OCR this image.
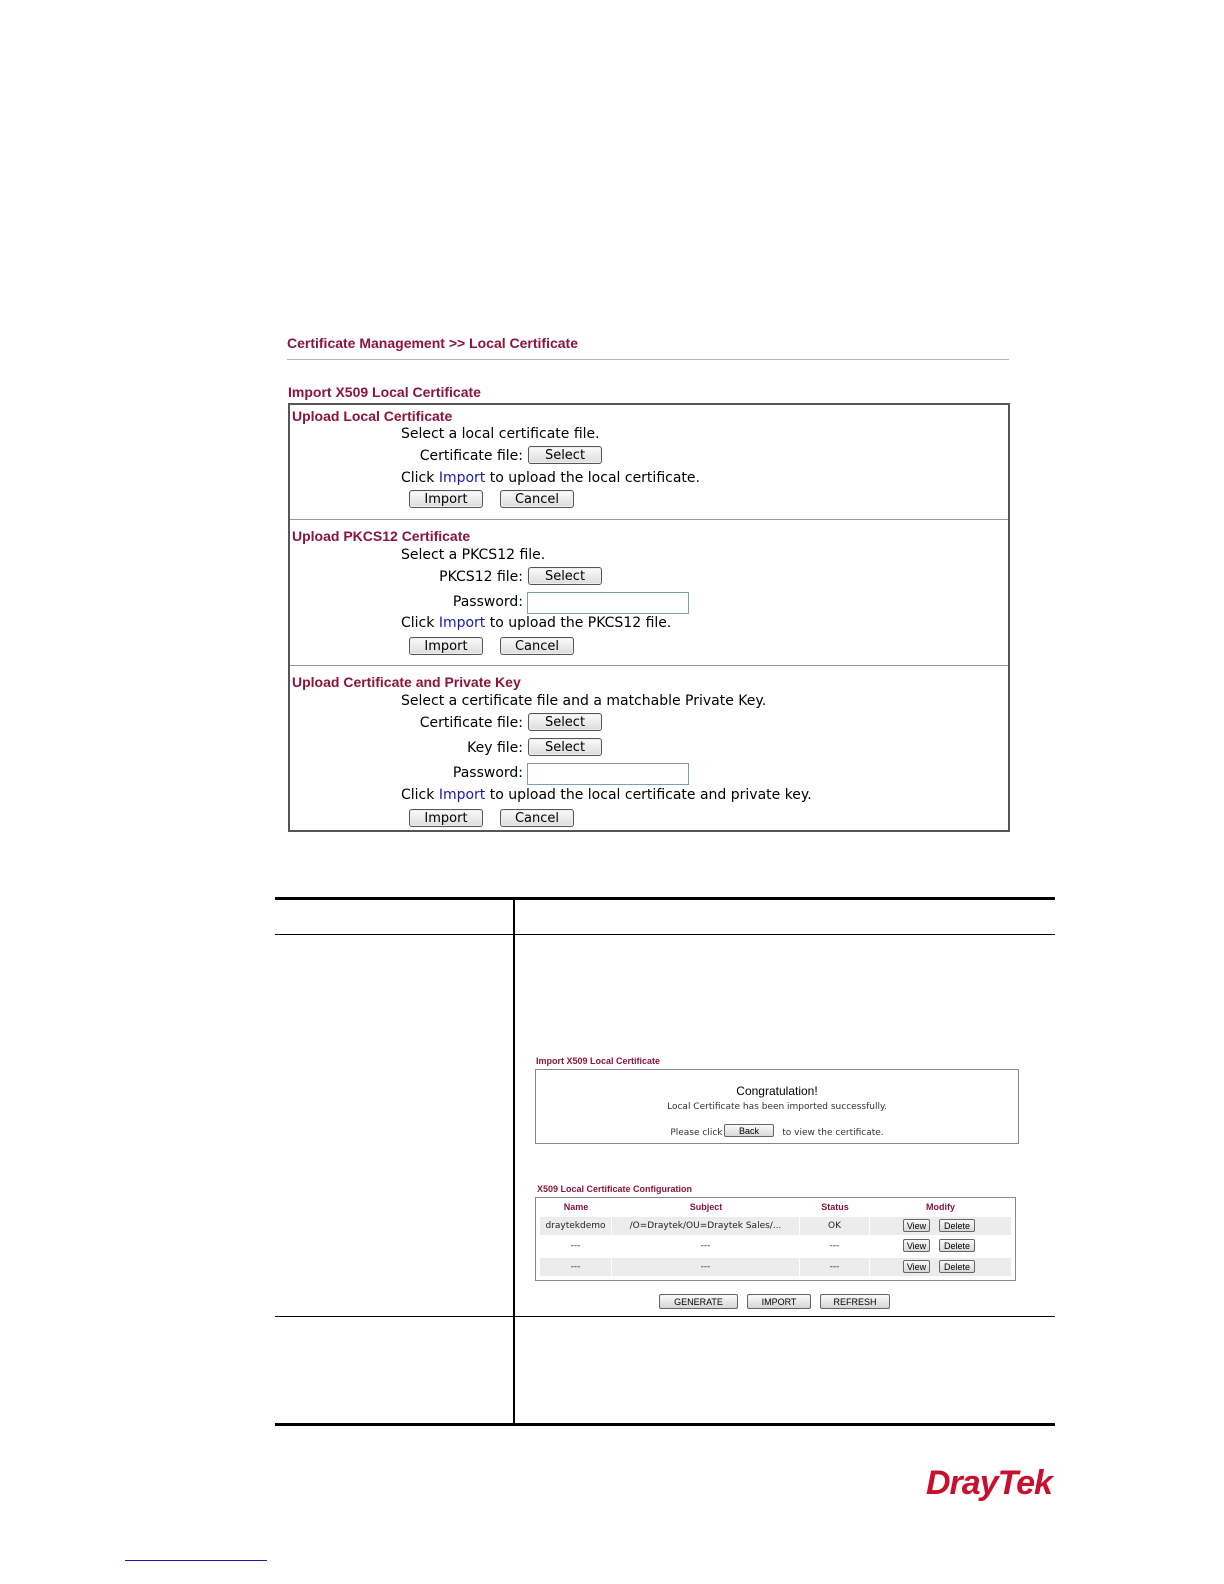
Certificate Management >> Local Certificate
Import X509 Local Certificate
Upload Local Certificate
Select a local certificate file.
Certificate file:	Select
Click Import to upload the local certificate.
Import	Cancel
Upload PKCS12 Certificate
Select a PKCS12 file.
PKCS12 file:	Select
Password:
Click Import to upload the PKCS12 file.
Import	Cancel
Upload Certificate and Private Key
Select a certificate file and a matchable Private Key.
Certificate file:	Select
Key file:	Select
Password:
Click Import to upload the local certificate and private key.
Import	Cancel
Import X509 Local Certificate
Congratulation!
Local Certificate has been imported successfully.
Please click	to view the certificate.
Back
X509 Local Certificate Configuration
Name	Subject	Status	Modify
draytekdemo	/O=Draytek/OU=Draytek Sales/...	OK	View	Delete
---	---	---	View	Delete
---	---	---	View	Delete
GENERATE	IMPORT	REFRESH
DrayTek
